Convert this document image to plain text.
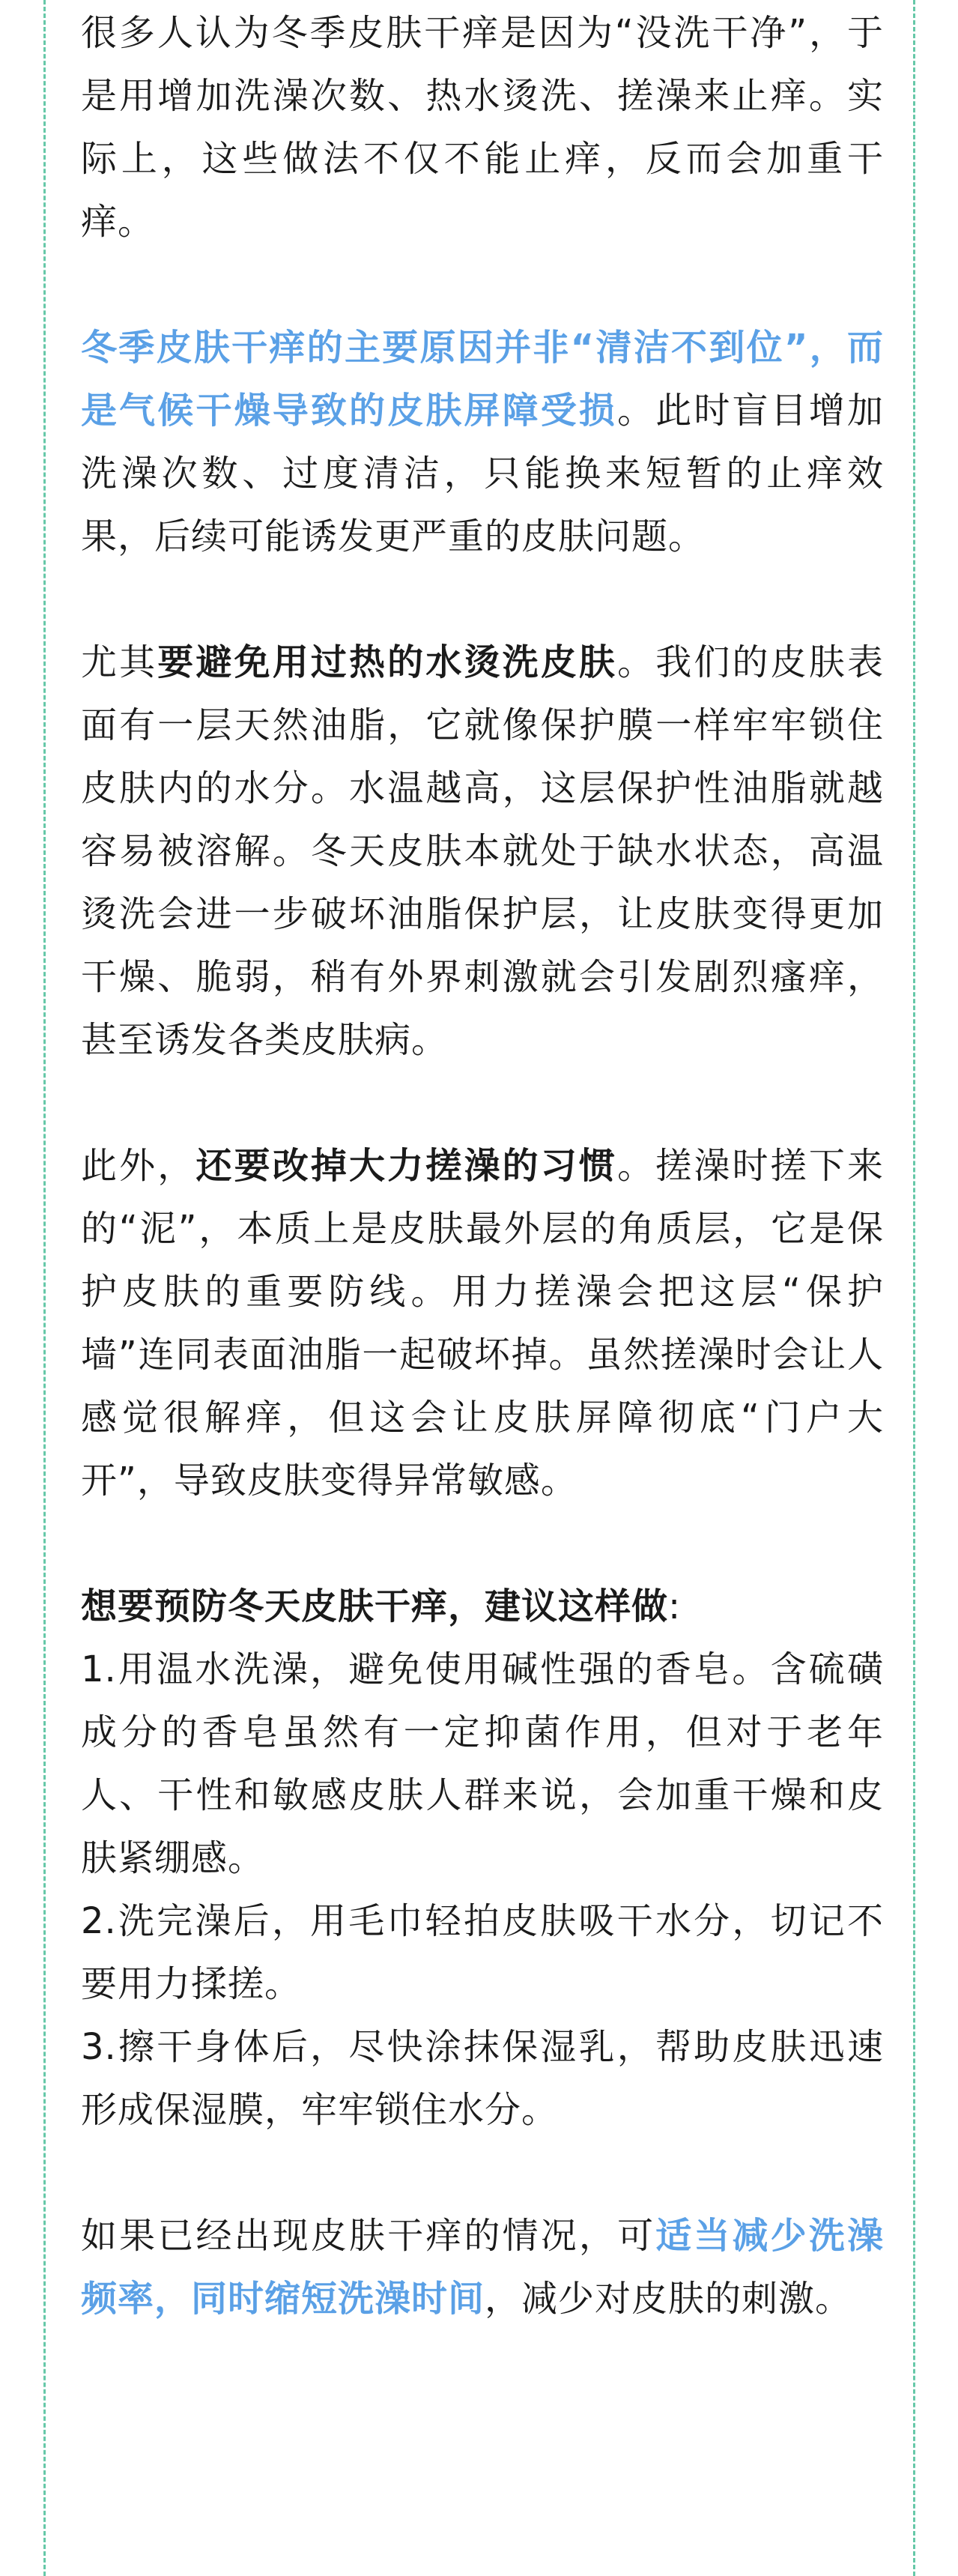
很多人认为冬季皮肤干痒是因为“没洗干净”，于是用增加洗澡次数、热水烫洗、搓澡来止痒。实际上，这些做法不仅不能止痒，反而会加重干痒。

冬季皮肤干痒的主要原因并非“清洁不到位”，而是气候干燥导致的皮肤屏障受损。此时盲目增加洗澡次数、过度清洁，只能换来短暂的止痒效果，后续可能诱发更严重的皮肤问题。

尤其要避免用过热的水烫洗皮肤。我们的皮肤表面有一层天然油脂，它就像保护膜一样牢牢锁住皮肤内的水分。水温越高，这层保护性油脂就越容易被溶解。冬天皮肤本就处于缺水状态，高温烫洗会进一步破坏油脂保护层，让皮肤变得更加干燥、脆弱，稍有外界刺激就会引发剧烈瘙痒，甚至诱发各类皮肤病。

此外，还要改掉大力搓澡的习惯。搓澡时搓下来的“泥”，本质上是皮肤最外层的角质层，它是保护皮肤的重要防线。用力搓澡会把这层“保护墙”连同表面油脂一起破坏掉。虽然搓澡时会让人感觉很解痒，但这会让皮肤屏障彻底“门户大开”，导致皮肤变得异常敏感。

想要预防冬天皮肤干痒，建议这样做:

1.用温水洗澡，避免使用碱性强的香皂。含硫磺成分的香皂虽然有一定抑菌作用，但对于老年人、干性和敏感皮肤人群来说，会加重干燥和皮肤紧绷感。

2.洗完澡后，用毛巾轻拍皮肤吸干水分，切记不要用力揉搓。

3.擦干身体后，尽快涂抹保湿乳，帮助皮肤迅速形成保湿膜，牢牢锁住水分。

如果已经出现皮肤干痒的情况，可适当减少洗澡频率，同时缩短洗澡时间，减少对皮肤的刺激。
